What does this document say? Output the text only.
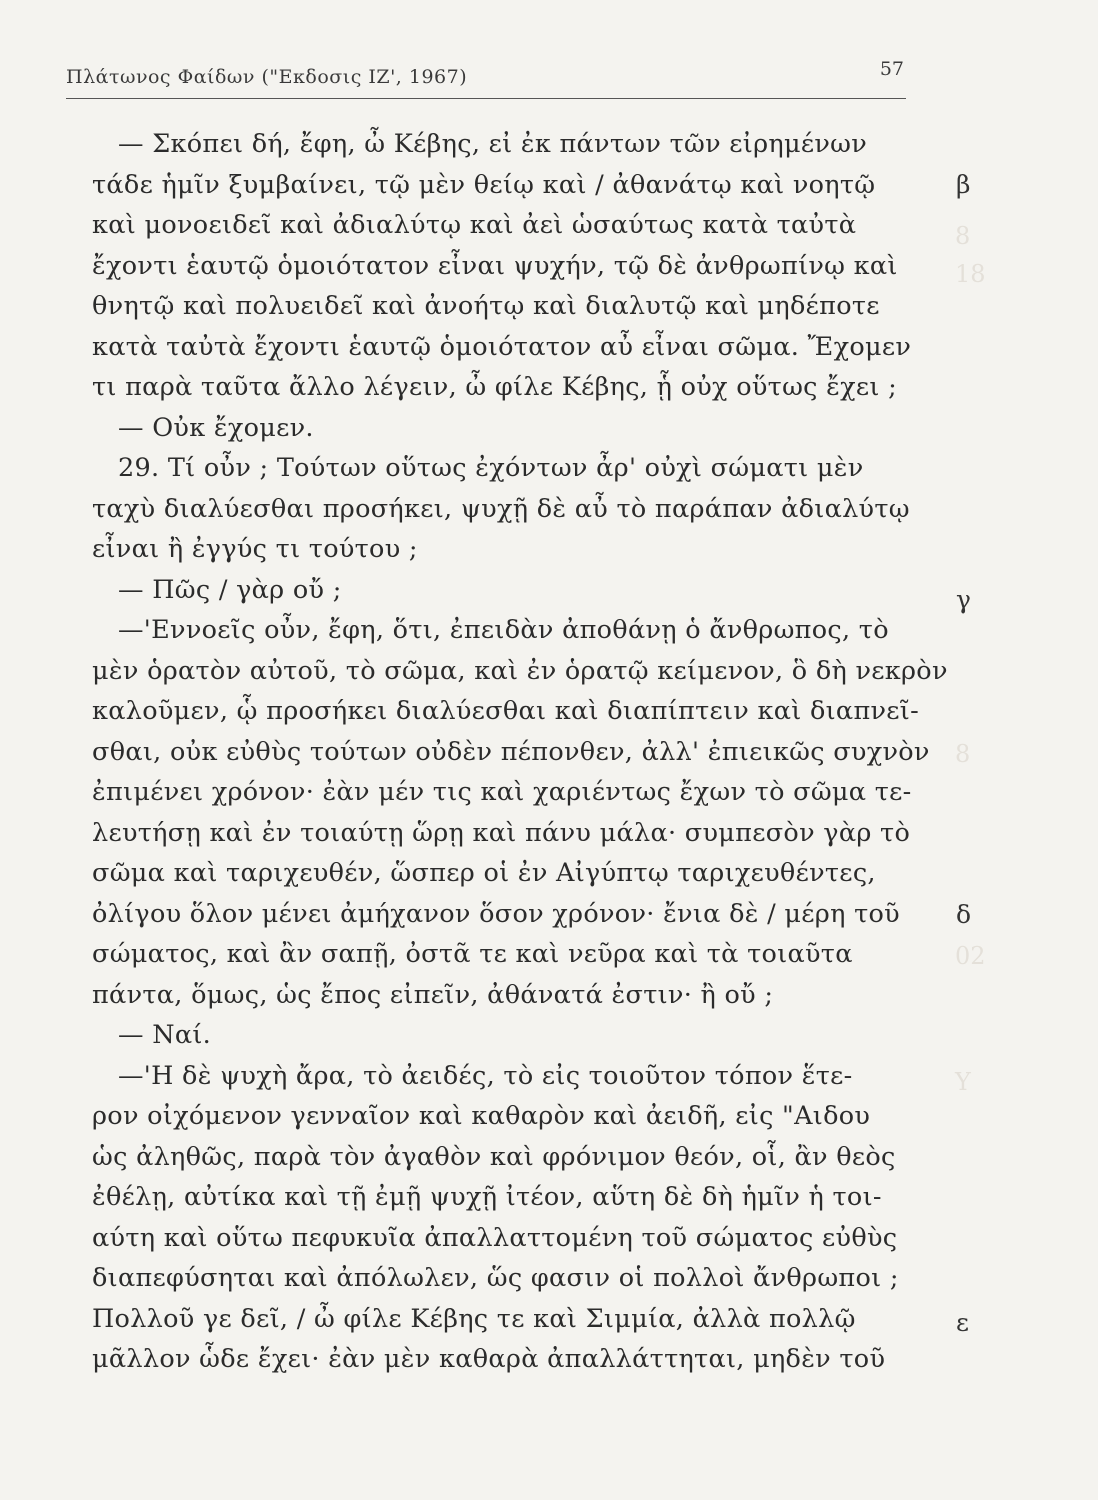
8
18
8
02
Y
Πλάτωνος Φαίδων ("Εκδοσις ΙΖ', 1967)	57
— Σκόπει δή, ἔφη, ὦ Κέβης, εἰ ἐκ πάντων τῶν εἰρημένων
τάδε ἡμῖν ξυμβαίνει, τῷ μὲν θείῳ καὶ / ἀθανάτῳ καὶ νοητῷ
καὶ μονοειδεῖ καὶ ἀδιαλύτῳ καὶ ἀεὶ ὡσαύτως κατὰ ταὐτὰ
ἔχοντι ἑαυτῷ ὁμοιότατον εἶναι ψυχήν, τῷ δὲ ἀνθρωπίνῳ καὶ
θνητῷ καὶ πολυειδεῖ καὶ ἀνοήτῳ καὶ διαλυτῷ καὶ μηδέποτε
κατὰ ταὐτὰ ἔχοντι ἑαυτῷ ὁμοιότατον αὖ εἶναι σῶμα. Ἔχομεν
τι παρὰ ταῦτα ἄλλο λέγειν, ὦ φίλε Κέβης, ᾗ οὐχ οὕτως ἔχει ;
— Οὐκ ἔχομεν.
29. Τί οὖν ; Τούτων οὕτως ἐχόντων ἆρ' οὐχὶ σώματι μὲν
ταχὺ διαλύεσθαι προσήκει, ψυχῇ δὲ αὖ τὸ παράπαν ἀδιαλύτῳ
εἶναι ἢ ἐγγύς τι τούτου ;
— Πῶς / γὰρ οὔ ;
—'Εννοεῖς οὖν, ἔφη, ὅτι, ἐπειδὰν ἀποθάνῃ ὁ ἄνθρωπος, τὸ
μὲν ὁρατὸν αὐτοῦ, τὸ σῶμα, καὶ ἐν ὁρατῷ κείμενον, ὃ δὴ νεκρὸν
καλοῦμεν, ᾧ προσήκει διαλύεσθαι καὶ διαπίπτειν καὶ διαπνεῖ-
σθαι, οὐκ εὐθὺς τούτων οὐδὲν πέπονθεν, ἀλλ' ἐπιεικῶς συχνὸν
ἐπιμένει χρόνον· ἐὰν μέν τις καὶ χαριέντως ἔχων τὸ σῶμα τε-
λευτήσῃ καὶ ἐν τοιαύτῃ ὥρῃ καὶ πάνυ μάλα· συμπεσὸν γὰρ τὸ
σῶμα καὶ ταριχευθέν, ὥσπερ οἱ ἐν Αἰγύπτῳ ταριχευθέντες,
ὀλίγου ὅλον μένει ἀμήχανον ὅσον χρόνον· ἔνια δὲ / μέρη τοῦ
σώματος, καὶ ἂν σαπῇ, ὀστᾶ τε καὶ νεῦρα καὶ τὰ τοιαῦτα
πάντα, ὅμως, ὡς ἔπος εἰπεῖν, ἀθάνατά ἐστιν· ἢ οὔ ;
— Ναί.
—'Η δὲ ψυχὴ ἄρα, τὸ ἀειδές, τὸ εἰς τοιοῦτον τόπον ἕτε-
ρον οἰχόμενον γενναῖον καὶ καθαρὸν καὶ ἀειδῆ, εἰς "Αιδου
ὡς ἀληθῶς, παρὰ τὸν ἀγαθὸν καὶ φρόνιμον θεόν, οἷ, ἂν θεὸς
ἐθέλῃ, αὐτίκα καὶ τῇ ἐμῇ ψυχῇ ἰτέον, αὕτη δὲ δὴ ἡμῖν ἡ τοι-
αύτη καὶ οὕτω πεφυκυῖα ἀπαλλαττομένη τοῦ σώματος εὐθὺς
διαπεφύσηται καὶ ἀπόλωλεν, ὥς φασιν οἱ πολλοὶ ἄνθρωποι ;
Πολλοῦ γε δεῖ, / ὦ φίλε Κέβης τε καὶ Σιμμία, ἀλλὰ πολλῷ
μᾶλλον ὧδε ἔχει· ἐὰν μὲν καθαρὰ ἀπαλλάττηται, μηδὲν τοῦ
β
γ
δ
ε
